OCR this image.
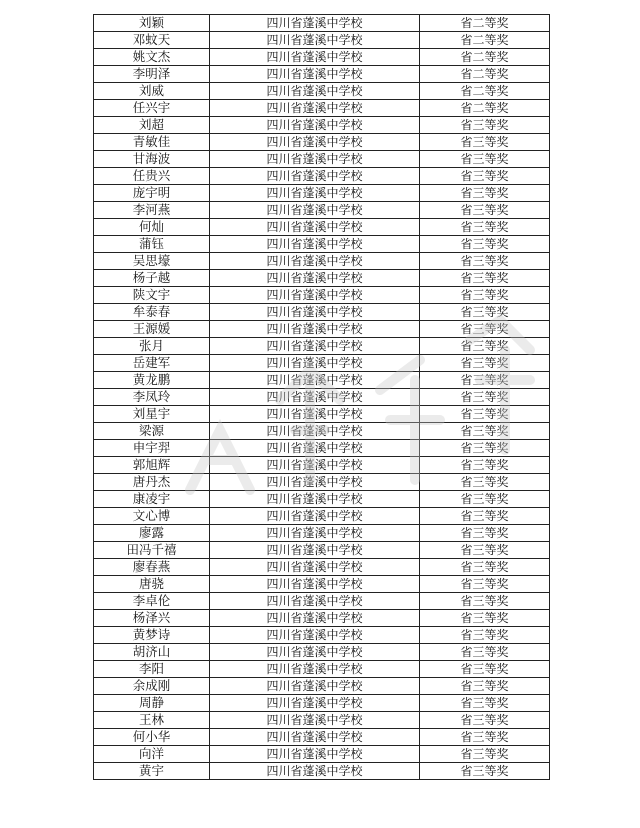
刘颖	四川省蓬溪中学校	省二等奖
邓蚊天	四川省蓬溪中学校	省二等奖
姚文杰	四川省蓬溪中学校	省二等奖
李明泽	四川省蓬溪中学校	省二等奖
刘威	四川省蓬溪中学校	省二等奖
任兴宇	四川省蓬溪中学校	省二等奖
刘超	四川省蓬溪中学校	省三等奖
青敏佳	四川省蓬溪中学校	省三等奖
甘海波	四川省蓬溪中学校	省三等奖
任贵兴	四川省蓬溪中学校	省三等奖
庞宇明	四川省蓬溪中学校	省三等奖
李河燕	四川省蓬溪中学校	省三等奖
何灿	四川省蓬溪中学校	省三等奖
蒲钰	四川省蓬溪中学校	省三等奖
吴思壕	四川省蓬溪中学校	省三等奖
杨子越	四川省蓬溪中学校	省三等奖
陕文宇	四川省蓬溪中学校	省三等奖
牟泰春	四川省蓬溪中学校	省三等奖
王源媛	四川省蓬溪中学校	省三等奖
张月	四川省蓬溪中学校	省三等奖
岳建军	四川省蓬溪中学校	省三等奖
黄龙鹏	四川省蓬溪中学校	省三等奖
李凤玲	四川省蓬溪中学校	省三等奖
刘星宇	四川省蓬溪中学校	省三等奖
梁源	四川省蓬溪中学校	省三等奖
申宇羿	四川省蓬溪中学校	省三等奖
郭旭辉	四川省蓬溪中学校	省三等奖
唐丹杰	四川省蓬溪中学校	省三等奖
康凌宇	四川省蓬溪中学校	省三等奖
文心博	四川省蓬溪中学校	省三等奖
廖露	四川省蓬溪中学校	省三等奖
田冯千禧	四川省蓬溪中学校	省三等奖
廖春燕	四川省蓬溪中学校	省三等奖
唐骁	四川省蓬溪中学校	省三等奖
李卓伦	四川省蓬溪中学校	省三等奖
杨泽兴	四川省蓬溪中学校	省三等奖
黄梦诗	四川省蓬溪中学校	省三等奖
胡济山	四川省蓬溪中学校	省三等奖
李阳	四川省蓬溪中学校	省三等奖
余成刚	四川省蓬溪中学校	省三等奖
周静	四川省蓬溪中学校	省三等奖
王林	四川省蓬溪中学校	省三等奖
何小华	四川省蓬溪中学校	省三等奖
向洋	四川省蓬溪中学校	省三等奖
黄宇	四川省蓬溪中学校	省三等奖
